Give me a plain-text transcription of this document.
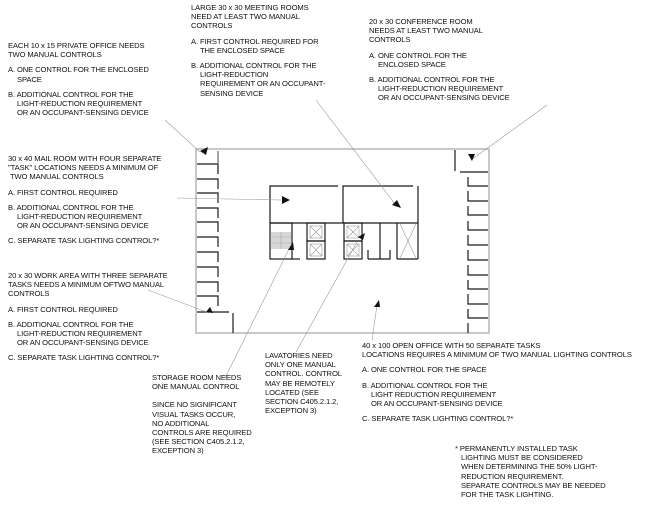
EACH 10 x 15 PRIVATE OFFICE NEEDS
TWO MANUAL CONTROLS

A. ONE CONTROL FOR THE ENCLOSED
SPACE

B. ADDITIONAL CONTROL FOR THE
LIGHT-REDUCTION REQUIREMENT
OR AN OCCUPANT-SENSING DEVICE

LARGE 30 x 30 MEETING ROOMS
NEED AT LEAST TWO MANUAL
CONTROLS

A. FIRST CONTROL REQUIRED FOR
THE ENCLOSED SPACE

B. ADDITIONAL CONTROL FOR THE
LIGHT-REDUCTION
REQUIREMENT OR AN OCCUPANT-
SENSING DEVICE

20 x 30 CONFERENCE ROOM
NEEDS AT LEAST TWO MANUAL
CONTROLS

A. ONE CONTROL FOR THE
ENCLOSED SPACE

B. ADDITIONAL CONTROL FOR THE
LIGHT-REDUCTION REQUIREMENT
OR AN OCCUPANT-SENSING DEVICE

30 x 40 MAIL ROOM WITH FOUR SEPARATE
"TASK" LOCATIONS NEEDS A MINIMUM OF
TWO MANUAL CONTROLS

A. FIRST CONTROL REQUIRED

B. ADDITIONAL CONTROL FOR THE
LIGHT-REDUCTION REQUIREMENT
OR AN OCCUPANT-SENSING DEVICE

C. SEPARATE TASK LIGHTING CONTROL?*

20 x 30 WORK AREA WITH THREE SEPARATE
TASKS NEEDS A MINIMUM OFTWO MANUAL
CONTROLS

A. FIRST CONTROL REQUIRED

B. ADDITIONAL CONTROL FOR THE
LIGHT-REDUCTION REQUIREMENT
OR AN OCCUPANT-SENSING DEVICE

C. SEPARATE TASK LIGHTING CONTROL?*

STORAGE ROOM NEEDS
ONE MANUAL CONTROL

SINCE NO SIGNIFICANT
VISUAL TASKS OCCUR,
NO ADDITIONAL
CONTROLS ARE REQUIRED
(SEE SECTION C405.2.1.2,
EXCEPTION 3)

LAVATORIES NEED
ONLY ONE MANUAL
CONTROL. CONTROL
MAY BE REMOTELY
LOCATED (SEE
SECTION C405.2.1.2,
EXCEPTION 3)

40 x 100 OPEN OFFICE WITH 50 SEPARATE TASKS
LOCATIONS REQUIRES A MINIMUM OF TWO MANUAL LIGHTING CONTROLS

A. ONE CONTROL FOR THE SPACE

B. ADDITIONAL CONTROL FOR THE
LIGHT REDUCTION REQUIREMENT
OR AN OCCUPANT-SENSING DEVICE

C. SEPARATE TASK LIGHTING CONTROL?*

* PERMANENTLY INSTALLED TASK
LIGHTING MUST BE CONSIDERED
WHEN DETERMINING THE 50% LIGHT-
REDUCTION REQUIREMENT.
SEPARATE CONTROLS MAY BE NEEDED
FOR THE TASK LIGHTING.
